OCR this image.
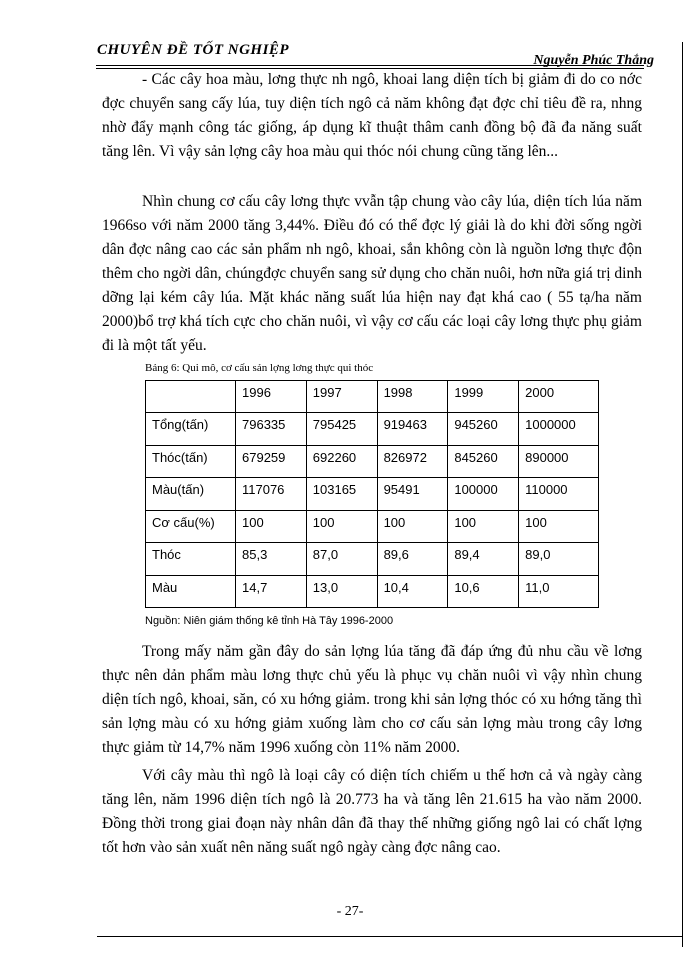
CHUYÊN ĐỀ TỐT NGHIỆP
Nguyễn Phúc Thắng

- Các cây hoa màu, lơng thực nh ngô, khoai lang diện tích bị giảm đi do co nớc đợc chuyển sang cấy lúa, tuy diện tích ngô cả năm không đạt đợc chỉ tiêu đề ra, nhng nhờ đẩy mạnh công tác giống, áp dụng kĩ thuật thâm canh đồng bộ đã đa năng suất tăng lên. Vì vậy sản lợng cây hoa màu qui thóc nói chung cũng tăng lên...

Nhìn chung cơ cấu cây lơng thực vvẫn tập chung vào cây lúa, diện tích lúa năm 1966so với năm 2000 tăng 3,44%. Điều đó có thể đợc lý giải là do khi đời sống ngời dân đợc nâng cao các sản phẩm nh ngô, khoai, sắn không còn là nguồn lơng thực độn thêm cho ngời dân, chúngđợc chuyển sang sử dụng cho chăn nuôi, hơn nữa giá trị dinh dỡng lại kém cây lúa. Mặt khác năng suất lúa hiện nay đạt khá cao ( 55 tạ/ha năm 2000)bổ trợ khá tích cực cho chăn nuôi, vì vậy cơ cấu các loại cây lơng thực phụ giảm đi là một tất yếu.

Bảng 6: Qui mô, cơ cấu sản lợng lơng thực qui thóc
	1996	1997	1998	1999	2000
Tổng(tấn)	796335	795425	919463	945260	1000000
Thóc(tấn)	679259	692260	826972	845260	890000
Màu(tấn)	117076	103165	95491	100000	110000
Cơ cấu(%)	100	100	100	100	100
Thóc	85,3	87,0	89,6	89,4	89,0
Màu	14,7	13,0	10,4	10,6	11,0
Nguồn: Niên giám thống kê tỉnh Hà Tây 1996-2000

Trong mấy năm gần đây do sản lợng lúa tăng đã đáp ứng đủ nhu cầu về lơng thực nên dản phẩm màu lơng thực chủ yếu là phục vụ chăn nuôi vì vậy nhìn chung diện tích ngô, khoai, săn, có xu hớng giảm. trong khi sản lợng thóc có xu hớng tăng thì sản lợng màu có xu hớng giảm xuống làm cho cơ cấu sản lợng màu trong cây lơng thực giảm từ 14,7% năm 1996 xuống còn 11% năm 2000.

Với cây màu thì ngô là loại cây có diện tích chiếm u thế hơn cả và ngày càng tăng lên, năm 1996 diện tích ngô là 20.773 ha và tăng lên 21.615 ha vào năm 2000. Đồng thời trong giai đoạn này nhân dân đã thay thế những giống ngô lai có chất lợng tốt hơn vào sản xuất nên năng suất ngô ngày càng đợc nâng cao.

- 27-
